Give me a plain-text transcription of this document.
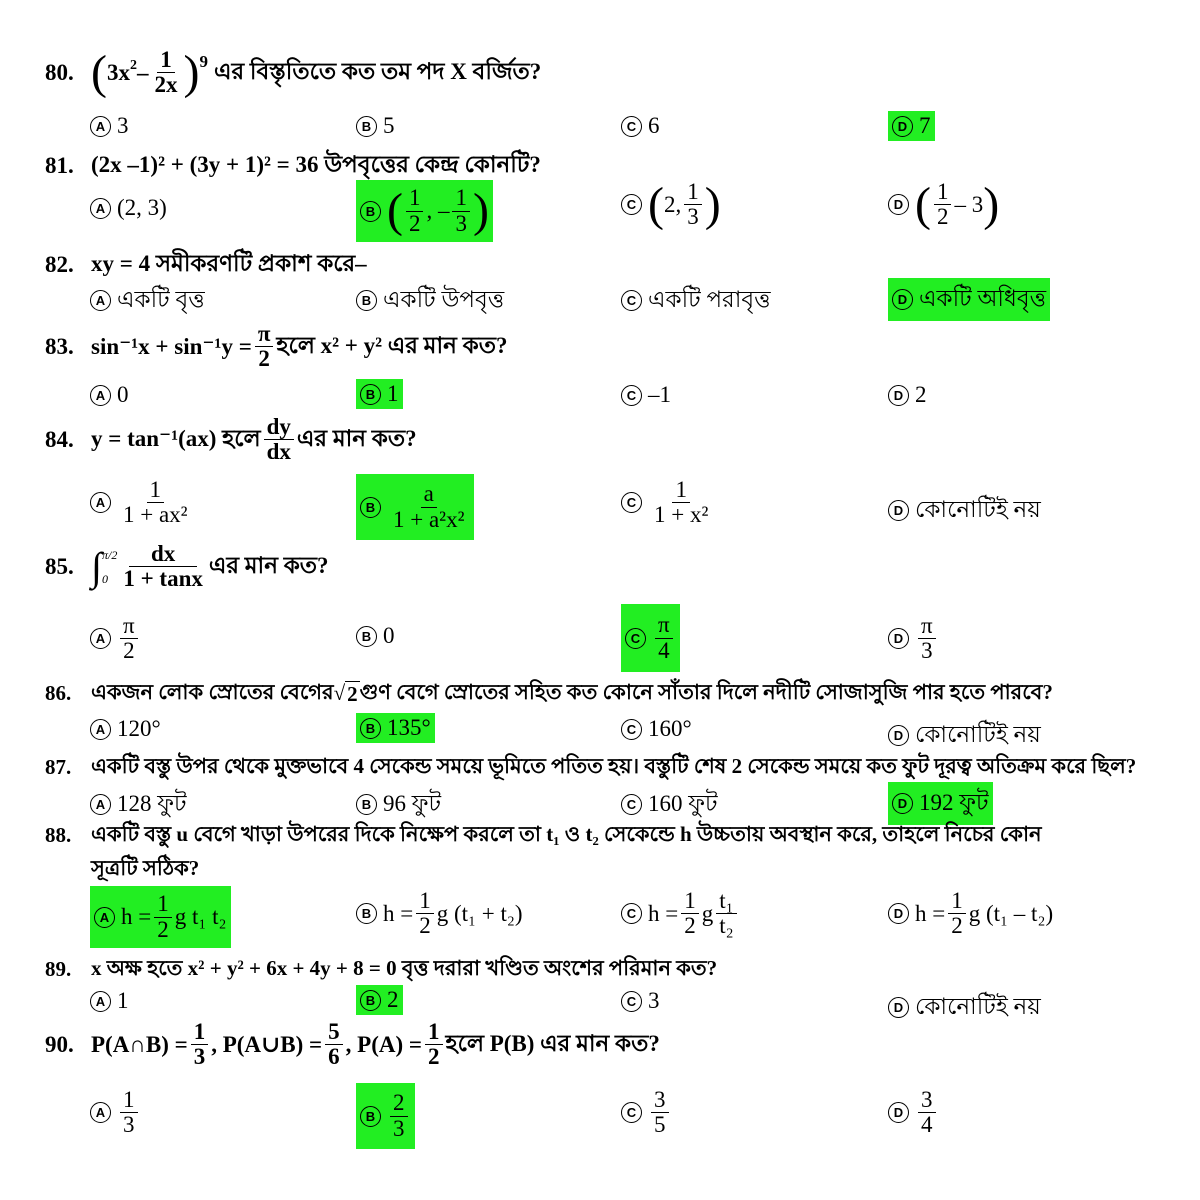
80. ( $3x^2 - \frac{1}{2x} )^9$ এর বিস্তৃতিতে কত তম পদ X বর্জিত?
A 3	B 5	C 6	D 7
81. (2x –1)² + (3y + 1)² = 36 উপবৃত্তের কেন্দ্র কোনটি?
A (2, 3)	B ( $\frac{1}{2}$ , – $\frac{1}{3}$ )	C ( 2, $\frac{1}{3}$ )	D ( $\frac{1}{2} - 3$ )
82. xy = 4 সমীকরণটি প্রকাশ করে–
A একটি বৃত্ত	B একটি উপবৃত্ত	C একটি পরাবৃত্ত	D একটি অধিবৃত্ত
83. $\sin^{-1}x + \sin^{-1}y = \frac{\pi}{2}$ হলে x² + y² এর মান কত?
A 0	B 1	C –1	D 2
84. y = tan⁻¹(ax) হলে $\frac{dy}{dx}$ এর মান কত?
A $\frac{1}{\text{1 + ax²}}$	B $\frac{a}{\text{1 + a²x²}}$	C $\frac{1}{\text{1 + x²}}$	D কোনোটিই নয়
85. ∫ π/2
$0 \frac{dx}{1 + \tan x}$ এর মান কত?
A $\frac{\pi}{2}$	B 0	C $\frac{\pi}{4}$	D $\frac{\pi}{3}$
86. একজন লোক স্রোতের বেগের √ 2 গুণ বেগে স্রোতের সহিত কত কোনে সাঁতার দিলে নদীটি সোজাসুজি পার হতে পারবে?
A 120°	B 135°	C 160°	D কোনোটিই নয়
87. একটি বস্তু উপর থেকে মুক্তভাবে 4 সেকেন্ড সময়ে ভূমিতে পতিত হয়। বস্তুটি শেষ 2 সেকেন্ড সময়ে কত ফুট দূরত্ব অতিক্রম করে ছিল?
A 128 ফুট	B 96 ফুট	C 160 ফুট	D 192 ফুট
88. একটি বস্তু u বেগে খাড়া উপরের দিকে নিক্ষেপ করলে তা t₁ ও t₂ সেকেন্ডে h উচ্চতায় অবস্থান করে, তাহলে নিচের কোন
সূত্রটি সঠিক?
A $h = \frac{1}{2}$ g t₁ t₂	B $h = \frac{1}{2}$ g (t₁ + t₂)	C $h = \frac{1}{2}$ g $\frac{\text{t₁}}{\text{t₂}}$	D $h = \frac{1}{2}$ g (t₁ – t₂)
89. x অক্ষ হতে x² + y² + 6x + 4y + 8 = 0 বৃত্ত দরারা খণ্ডিত অংশের পরিমান কত?
A 1	B 2	C 3	D কোনোটিই নয়
90. P(A∩B) = $\frac{1}{3}$ , P(A∪B) = $\frac{5}{6}$ , $P(A) = \frac{1}{2}$ হলে P(B) এর মান কত?
A $\frac{1}{3}$	B $\frac{2}{3}$	C $\frac{3}{5}$	D $\frac{3}{4}$
